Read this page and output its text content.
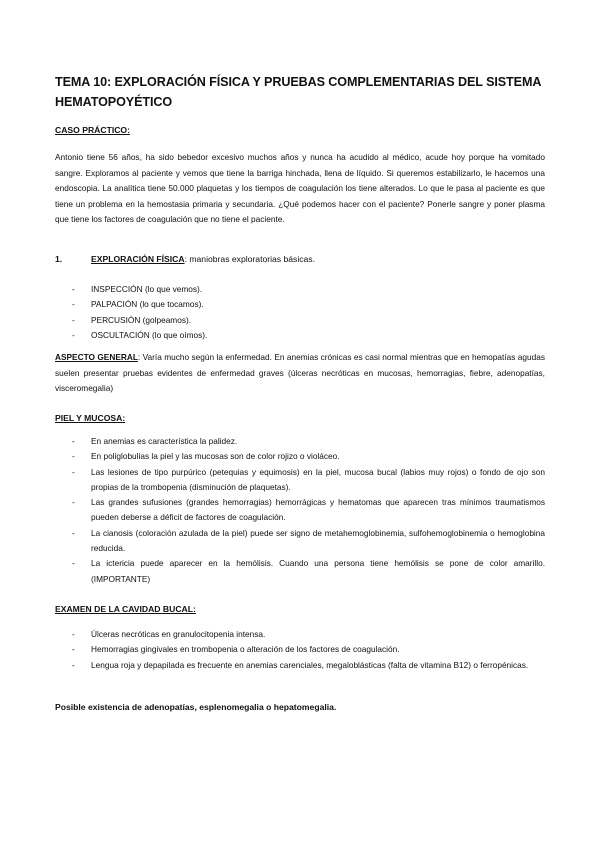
TEMA 10: EXPLORACIÓN FÍSICA Y PRUEBAS COMPLEMENTARIAS DEL SISTEMA HEMATOPOYÉTICO
CASO PRÁCTICO:
Antonio tiene 56 años, ha sido bebedor excesivo muchos años y nunca ha acudido al médico, acude hoy porque ha vomitado sangre. Exploramos al paciente y vemos que tiene la barriga hinchada, llena de líquido. Si queremos estabilizarlo, le hacemos una endoscopia. La analítica tiene 50.000 plaquetas y los tiempos de coagulación los tiene alterados. Lo que le pasa al paciente es que tiene un problema en la hemostasia primaria y secundaria. ¿Qué podemos hacer con el paciente? Ponerle sangre y poner plasma que tiene los factores de coagulación que no tiene el paciente.
1.	EXPLORACIÓN FÍSICA: maniobras exploratorias básicas.
- INSPECCIÓN (lo que vemos).
- PALPACIÓN (lo que tocamos).
- PERCUSIÓN (golpeamos).
- OSCULTACIÓN (lo que oímos).
ASPECTO GENERAL: Varía mucho según la enfermedad. En anemias crónicas es casi normal mientras que en hemopatías agudas suelen presentar pruebas evidentes de enfermedad graves (úlceras necróticas en mucosas, hemorragias, fiebre, adenopatías, visceromegalia)
PIEL Y MUCOSA:
- En anemias es característica la palidez.
- En poliglobulias la piel y las mucosas son de color rojizo o violáceo.
- Las lesiones de tipo purpúrico (petequias y equimosis) en la piel, mucosa bucal (labios muy rojos) o fondo de ojo son propias de la trombopenia (disminución de plaquetas).
- Las grandes sufusiones (grandes hemorragias) hemorrágicas y hematomas que aparecen tras mínimos traumatismos pueden deberse a déficit de factores de coagulación.
- La cianosis (coloración azulada de la piel) puede ser signo de metahemoglobinemia, sulfohemoglobinemia o hemoglobina reducida.
- La ictericia puede aparecer en la hemólisis. Cuando una persona tiene hemólisis se pone de color amarillo. (IMPORTANTE)
EXAMEN DE LA CAVIDAD BUCAL:
- Úlceras necróticas en granulocitopenia intensa.
- Hemorragias gingivales en trombopenia o alteración de los factores de coagulación.
- Lengua roja y depapilada es frecuente en anemias carenciales, megaloblásticas (falta de vitamina B12) o ferropénicas.
Posible existencia de adenopatías, esplenomegalia o hepatomegalia.
